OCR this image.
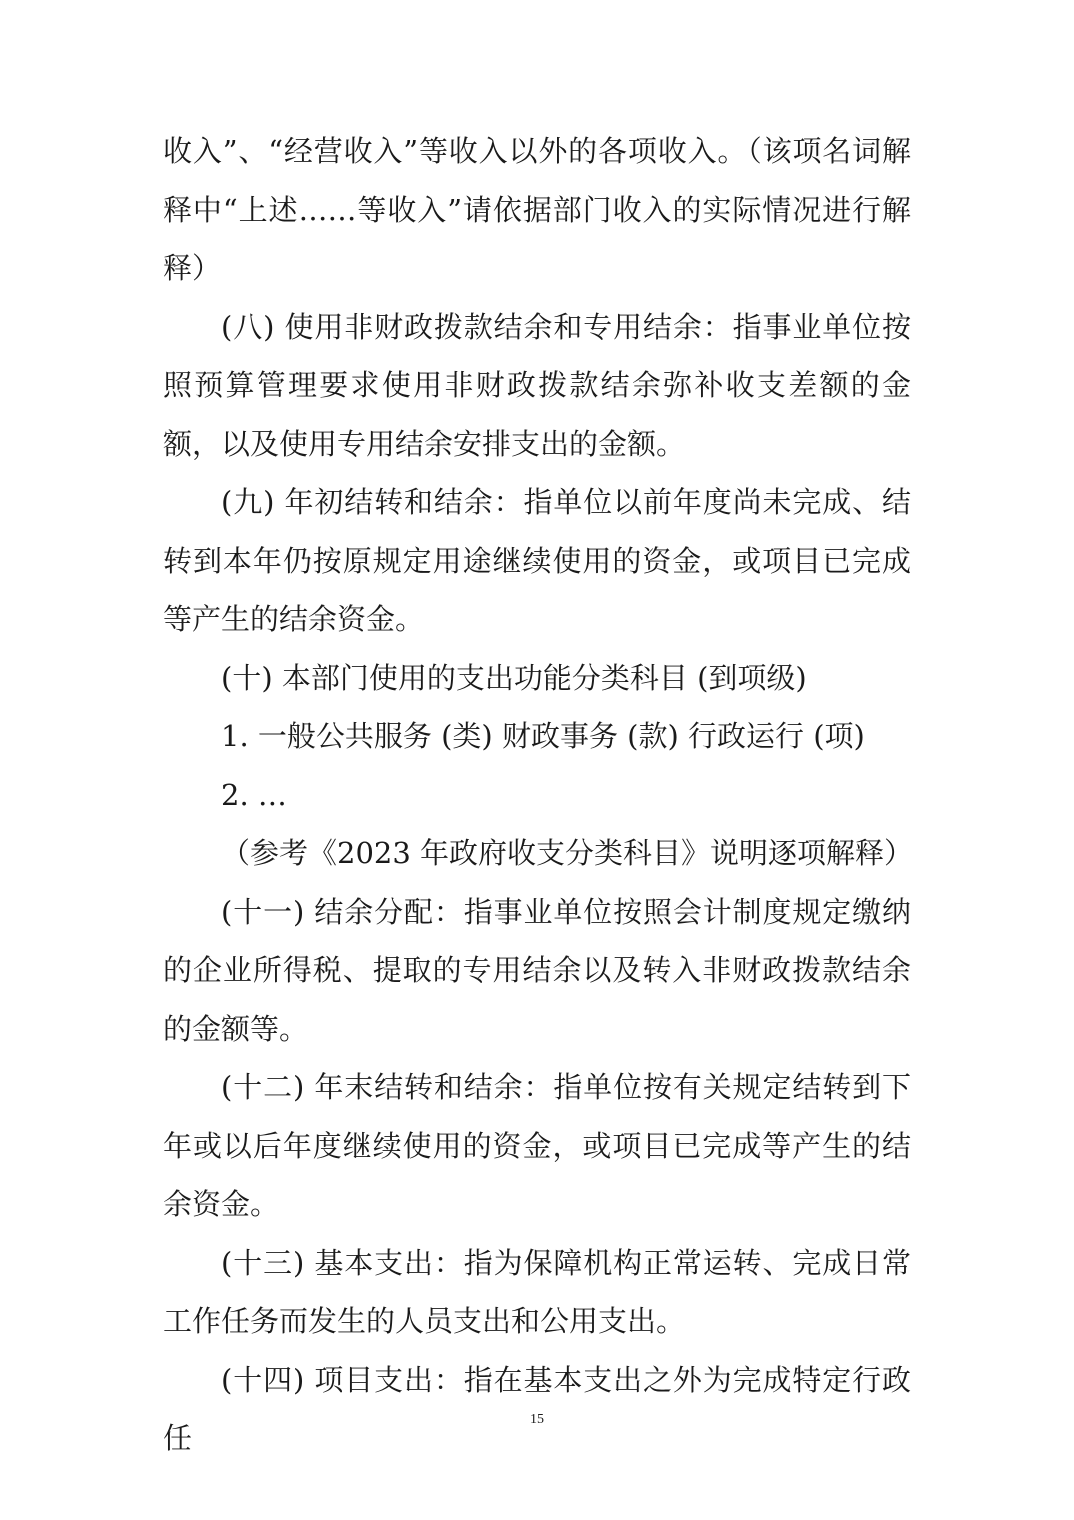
收入”、“经营收入”等收入以外的各项收入。（该项名词解释中“上述……等收入”请依据部门收入的实际情况进行解释）

(八) 使用非财政拨款结余和专用结余：指事业单位按照预算管理要求使用非财政拨款结余弥补收支差额的金额，以及使用专用结余安排支出的金额。

(九) 年初结转和结余：指单位以前年度尚未完成、结转到本年仍按原规定用途继续使用的资金，或项目已完成等产生的结余资金。

(十) 本部门使用的支出功能分类科目 (到项级)

1. 一般公共服务 (类) 财政事务 (款) 行政运行 (项)

2. …

（参考《2023 年政府收支分类科目》说明逐项解释）

(十一) 结余分配：指事业单位按照会计制度规定缴纳的企业所得税、提取的专用结余以及转入非财政拨款结余的金额等。

(十二) 年末结转和结余：指单位按有关规定结转到下年或以后年度继续使用的资金，或项目已完成等产生的结余资金。

(十三) 基本支出：指为保障机构正常运转、完成日常工作任务而发生的人员支出和公用支出。

(十四) 项目支出：指在基本支出之外为完成特定行政任

15
